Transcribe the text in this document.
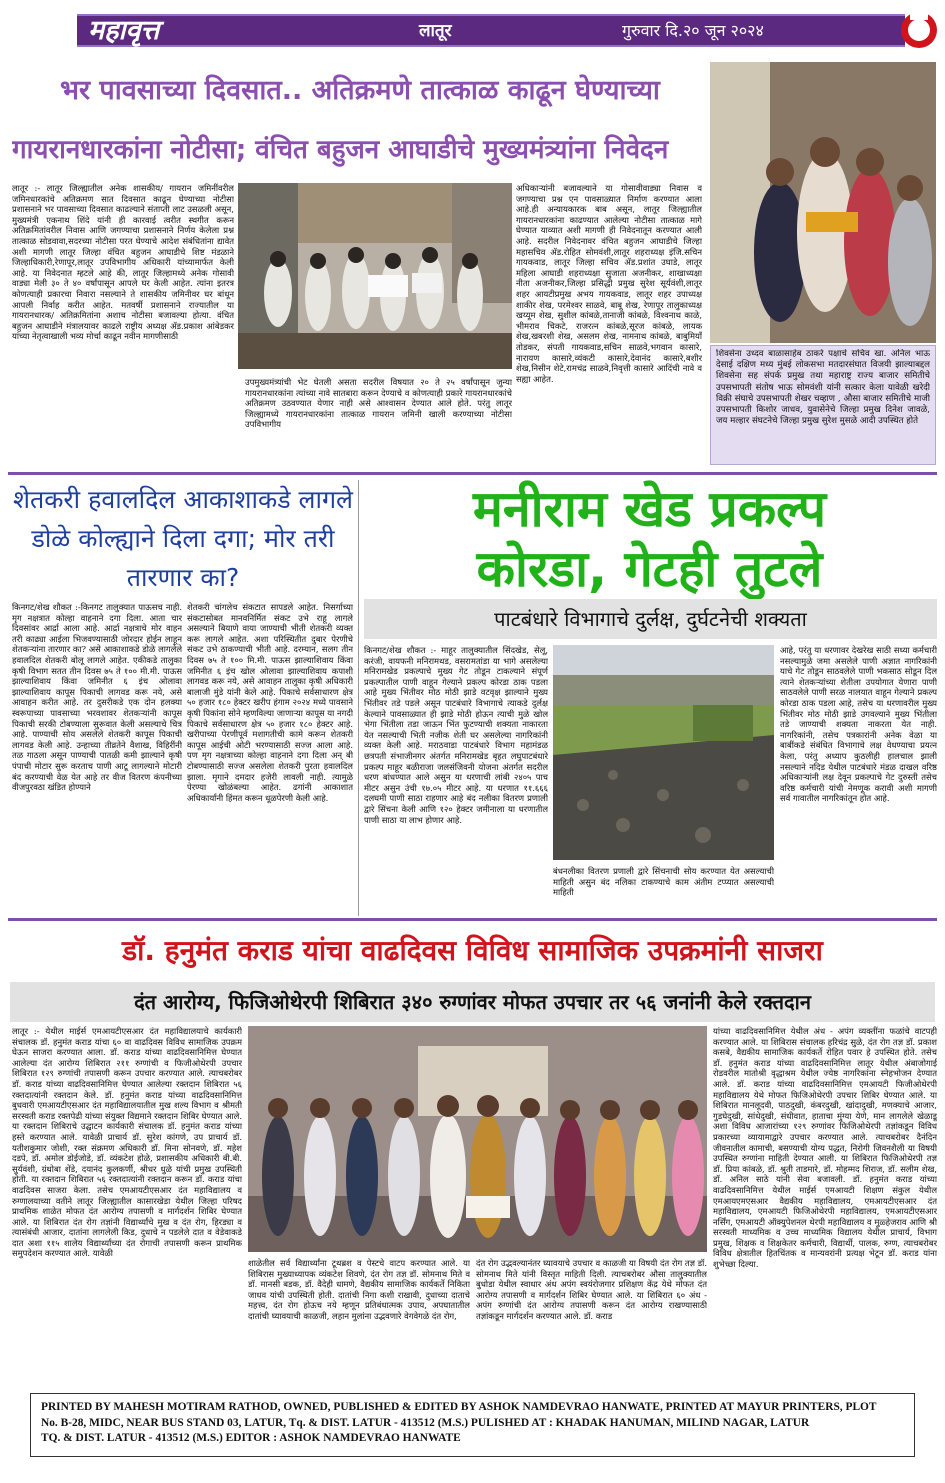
महावृत्त	लातूर	गुरुवार दि.२० जून २०२४
भर पावसाच्या दिवसात.. अतिक्रमणे तात्काळ काढून घेण्याच्या
गायरानधारकांना नोटीसा; वंचित बहुजन आघाडीचे मुख्यमंत्र्यांना निवेदन
लातूर :- लातूर जिल्ह्यातील अनेक शासकीय/ गायरान जमिनींवरील जमिनधारकांचे अतिक्रमण सात दिवसात काढून घेण्याच्या नोटीसा प्रशासनाने भर पावसाच्या दिवसात काढल्याने संताप्ती लाट उसळली असून, मुख्यमंत्री एकनाथ शिंदे यांनी ही कारवाई त्वरीत स्थगीत करून अतिक्रमितांवरील निवास आणि जगण्याचा प्रशासनाने निर्णय केलेला प्रश्न तात्काळ सोडवावा,सदरच्या नोटीसा परत घेण्याचे आदेश संबंधितांना द्यावेत अशी मागणी लातूर जिल्हा वंचित बहुजन आघाडीचे शिष्ट मंडळाने जिल्हाधिकारी,रेणापूर,लातूर उपविभागीय अधिकारी यांच्यामार्फत केली आहे. या निवेदनात म्हटले आहे की, लातूर जिल्हामध्ये अनेक गोसावी वाड्या मेली ३० ते ४० वर्षांपासून आपले घर केली आहेत. त्यांना इतरत्र कोणत्याही प्रकारचा निवारा नसल्याने ते शासकीय जमिनीवर घर बांधून आपली निर्वाह करीत आहेत. मतवर्षी प्रशासनाने राज्यातील या गायरानधारक/ अतिक्रमितांना अशाच नोटीसा बजावल्या होत्या. वंचित बहुजन आघाडीने मंत्रालयावर काढले राष्ट्रीय अध्यक्ष ॲड.प्रकाश आंबेडकर यांच्या नेतृत्वाखाली भव्य मोर्चा काढून नवीन मागणीसाठी
उपमुख्यमंत्र्यांची भेट घेतली असता सदरील विषयात २० ते २५ वर्षांपासून जुन्या गायरानधारकांना त्यांच्या नावे सातबारा करून देण्याचे व कोणत्याही प्रकारे गायरानधारकांचे अतिक्रमण उठवण्यात येणार नाही असे आश्वासन देण्यात आले होते. परंतु लातूर जिल्ह्यामध्ये गायरानधारकांना तात्काळ गायरान जमिनी खाली करण्याच्या नोटीसा उपविभागीय
अधिकाऱ्यांनी बजावल्याने या गोसावीवाड्या निवास व जगण्याचा प्रश्न एन पावसाळ्यात निर्माण करण्यात आला आहे.ही अन्यायकारक बाब असून, लातूर जिल्ह्यातील गायरानधारकांना काढण्यात आलेल्या नोटीसा तात्काळ मागे घेण्यात याव्यात अशी मागणी ही निवेदनातून करण्यात आली आहे. सदरील निवेदनावर वंचित बहुजन आघाडीचे जिल्हा महासचिव ॲड.रोहित सोमवंशी,लातूर शहराध्यक्ष इंजि.सचिन गायकवाड, लातूर जिल्हा सचिव ॲड.प्रशांत उघाडे, लातूर महिला आघाडी शहराध्यक्षा सुजाता अजनीकर, शाखाध्यक्षा नीता अजनीकर,जिल्हा प्रसिद्धी प्रमुख सुरेश सूर्यवंशी,लातूर शहर आयटीप्रमुख अभय गायकवाड, लातूर शहर उपाध्यक्ष शाकीर शेख, परमेश्वर साळवे, बाबू शेख, रेणापूर तालुकाध्यक्ष खय्यूम शेख, सुशील कांबळे,तानाजी कांबळे, विश्वनाथ काळे, भीमराव चिकटे, राजरत्न कांबळे,सूरज कांबळे, लायक शेख,खबरशी शेख, असलम शेख, नामनाथ कांबळे, बाबुमियाँ तोडकर, संपती गायकवाड,सचिन साळवे,भगवान कासारे, नारायण कासारे,व्यंकटी कासारे,देवानंद कासारे,बशीर शेख,निसीन शेटे,रामचंद्र साळवे,निवृत्ती कासारे आदिंची नावे व सह्या आहेत.
शिवसेना उध्दव बाळासाहेब ठाकरे पक्षाचे सचिव खा. अनिल भाऊ देसाई दक्षिण मध्य मुंबई लोकसभा मतदारसंघात विजयी झाल्याबद्दल शिवसेना सह संपर्क प्रमुख तथा महाराष्ट्र राज्य बाजार समितीचे उपसभापती संतोष भाऊ सोमवंशी यांनी सत्कार केला यावेळी खरेदी विक्री संघाचे उपसभापती शेखर चव्हाण , औसा बाजार समितीचे माजी उपसभापती किशोर जाधव, युवासेनेचे जिल्हा प्रमुख दिनेश जावळे, जय मल्हार संघटनेचे जिल्हा प्रमुख सुरेश मुसळे आदी उपस्थित होते
शेतकरी हवालदिल आकाशाकडे लागले डोळे कोल्ह्याने दिला दगा; मोर तरी तारणार का?
किनगट/शेख शौकत :-किनगट तालुक्यात पाऊसच नाही. मृग नक्षत्रात कोल्हा वाहनाने दगा दिला. आता चार दिवसांवर आर्द्रा आला आहे. आर्द्रा नक्षत्राचे मोर वाहन तरी काढ्या आईला भिजवण्यासाठी जोरदार होईन लाहून शेतकऱ्यांना तारणार का? असे आकाशाकडे डोळे लागलेले हवालदिल शेतकरी बोलू लागले आहेत. एकीकडे तालुका कृषी विभाग सतत तीन दिवस ७५ ते १०० मी.मी. पाऊस झाल्याशिवाय किंवा जमिनीत ६ इंच ओलावा झाल्याशिवाय कापूस पिकाची लागवड करू नये, असे आवाहन करीत आहे. तर दुसरीकडे एक दोन हलक्या स्वरूपाच्या पावसाच्या भरवशावर शेतकऱ्यांनी कापूस पिकाची सरकी टोबण्याला सुरूवात केली असल्याचे चित्र आहे. पाण्याची सोय असलेले शेतकरी कापूस पिकाची लागवड केली आहे. उन्हाच्या तीव्रतेने वैशाख, विहिरींनी तळ गाठला असून पाण्याची पातळी कमी झाल्याने कृषी पंपाची मोटार सुरू करताच पाणी आटू लागल्याने मोटारी बंद करण्याची वेळ येत आहे तर वीज वितरण कंपनीच्या वीजपुरवठा खंडित होण्याने
शेतकरी चांगलेच संकटात सापडले आहेत. निसर्गाच्या संकटासोबत मानवनिर्मित संकट उभे राहू लागले असल्याने बियाणे वाया जाण्याची भीती शेतकरी व्यक्त करू लागले आहेत. अशा परिस्थितीत दुबार पेरणीचे संकट उभे ठाकण्याची भीती आहे. दरम्यान, सलग तीन दिवस ७५ ते १०० मि.मी. पाऊस झाल्याशिवाय किंवा जमिनीत ६ इंच खोल ओलावा झाल्याशिवाय कपाशी लागवड करू नये, असे आवाहन तालुका कृषी अधिकारी बालाजी मुंडे यांनी केले आहे. पिकाचे सर्वसाधारण क्षेत्र ५० हजार १८० हेक्टर खरीप हंगाम २०२४ मध्ये पावसाने कृषी पिकांना सोने म्हणविल्या जाणाऱ्या कापूस या नगदी पिकाचे सर्वसाधारण क्षेत्र ५० हजार १८० हेक्टर आहे. खरीपाच्या पेरणीपूर्व मशागतीची कामे करून शेतकरी कापूस आईची ओटी भरण्यासाठी सज्ज आला आहे. पण मृग नक्षत्राच्या कोल्हा वाहनाने दगा दिला अन् बी टोबण्यासाठी सज्ज असलेला शेतकरी पुरता हवालदिल झाला. मृगाने दमदार हजेरी लावली नाही. त्यामुळे पेरण्या खोळंबल्या आहेत. ढगांनी आकाशात अधिकार्यांनी हिंमत करून धूळपेरणी केली आहे.
मनीराम खेड प्रकल्प
कोरडा, गेटही तुटले
पाटबंधारे विभागाचे दुर्लक्ष, दुर्घटनेची शक्यता
किनगट/शेख शौकत :- माहूर तालुक्यातील सिंदखेड, सेलू, करंजी, वायफनी मनिरामथड, वसरामतांडा या भागे असलेल्या मनिरामखेड प्रकल्पाचे मुख्य गेट तोडून टाकल्याने संपूर्ण प्रकल्पातील पाणी वाहून गेल्याने प्रकल्प कोरडा ठाक पडला आहे मुख्य भिंतीवर मोठ मोठी झाडे वटवृक्ष झाल्याने मुख्य भिंतीवर तडे पडले असून पाटबंधारे विभागाचे त्याकडे दुर्लक्ष केल्याने पावसाळ्यात ही झाडे मोठी होऊन त्याची मुळे खोल भेगा भिंतीला तडा जाऊन भिंत फुटण्याची शक्यता नाकारता येत नसल्याची भिती नजीक शेती घर असलेल्या नागरिकांनी व्यक्त केली आहे. मराठवाडा पाटबंधारे विभाग महामंडळ छत्रपती संभाजीनगर अंतर्गत मनिरामखेड बृहत लघुपाटबंधारे प्रकल्प माहूर बळीराजा जलसंजिवनी योजना अंतर्गत सदरील धरण बांधण्यात आले असुन या धरणाची लांबी २४०५ पाच मीटर असुन उंची १७.०५ मीटर आहे. या धरणात ११.६६६ दलघमी पाणी साठा राहणार आहे बंद नलीका वितरण प्रणाली द्वारे सिंचना केली आणि १२० हेक्टर जमीनाला या धरणातील पाणी साठा या लाभ होणार आहे.
बंधनलीका वितरण प्रणाली द्वारे सिंचनाची सोय करण्यात येत असल्याची माहिती असुन बंद नलिका टाकण्याचे काम अंतीम टप्प्यात असल्याची माहिती
आहे, परंतु या धरणावर देखरेख साठी सध्या कर्मचारी नसल्यामुळे जमा असलेले पाणी अज्ञात नागरिकांनी याचे गेट तोडून साठवलेले पाणी भकसाठ सोडून दिल त्याने शेतकऱ्यांच्या शेतीला उपयोगात येणारा पाणी साठवलेले पाणी सरळ नालयात वाहून गेल्याने प्रकल्प कोरडा ठाक पडला आहे, तसेच या धरणावरील मुख्य भिंतीवर मोठ मोठी झाडे उगवल्याने मुख्य भिंतीला तडे जाण्याची शक्यता नाकरता येत नाही. नागरिकांनी, तसेच पत्रकारांनी अनेक वेळा या बाबींकडे संबंधित विभागाचे लक्ष वेधण्याचा प्रयत्न केला, परंतु अध्याप कुठलीही हालचाल झाली नसल्याने नदिड येथील पाटबंधारे मंडळ दाखल वरिष्ठ अधिकाऱ्यांनी लक्ष देवून प्रकल्पाचे गेट दुरुस्ती तसेच वरिष्ठ कर्मचारी यांची नेमणूक करावी अशी मागणी सर्व गावातील नागरिकांतून होत आहे.
डॉ. हनुमंत कराड यांचा वाढदिवस विविध सामाजिक उपक्रमांनी साजरा
दंत आरोग्य, फिजिओथेरपी शिबिरात ३४० रुग्णांवर मोफत उपचार तर ५६ जनांनी केले रक्तदान
लातूर :- येथील माईर्स एमआयटीएसआर दंत महाविद्यालयाचे कार्यकारी संचालक डॉ. हनुमंत कराड यांचा ६० वा वाढदिवस विविध सामाजिक उपक्रम घेऊन साजरा करण्यात आला. डॉ. कराड यांच्या वाढदिवसानिमित्त घेण्यात आलेल्या दंत आरोग्य शिबिरात २११ रुग्णांची व फिजीओथेरपी उपचार शिबिरात १२९ रुग्णांची तपासणी करून उपचार करण्यात आले. त्याचबरोबर डॉ. कराड यांच्या वाढदिवसानिमित्त घेण्यात आलेल्या रक्तदान शिबिरात ५६ रक्तदात्यांनी रक्तदान केले. डॉ. हनुमंत कराड यांच्या वाढदिवसानिमित्त बुधवारी एमआयटीएसआर दंत महाविद्यालयातील मुख शल्य विभाग व श्रीमती सरस्वती कराड रक्तपेढी यांच्या संयुक्त विद्यमाने रक्तदान शिबिर घेण्यात आले. या रक्तदान शिबिराचे उद्घाटन कार्यकारी संचालक डॉ. हनुमंत कराड यांच्या हस्ते करण्यात आले. यावेळी प्राचार्य डॉ. सुरेश कांगणे, उप प्राचार्य डॉ. यतीशकुमार जोशी, रक्त संक्रमण अधिकारी डॉ. मिना सोनवणे, डॉ. महेश दडपे, डॉ. अमोल डोईजोडे, डॉ. व्यंकटेश होळे, प्रशासकीय अधिकारी बी.बी. सुर्यवंशी, ग्रंथोबा शेंडे, दयानंद कुलकर्णी, श्रीधर धुळे यांची प्रमुख उपस्थिती होती. या रक्तदान शिबिरात ५६ रक्तदात्यांनी रक्तदान करून डॉ. कराड यांचा वाढदिवस साजरा केला. तसेच एमआयटीएसआर दंत महाविद्यालय व रुग्णालयाच्या वतीने लातूर जिल्ह्यातील कासारखेडा येथील जिल्हा परिषद प्राथमिक शाळेत मोफत दंत आरोग्य तपासणी व मार्गदर्शन शिबिर घेण्यात आले. या शिबिरात दंत रोग तज्ञांनी विद्यार्थ्यांचे मुख व दंत रोग, हिरड्या व त्यासंबंधी आजार, दातांना लागलेली किड, दुधाचे न पडलेले दात व वेडेवाकडे दात अशा ११५ शालेय विद्यार्थ्यांच्या दंत रोगाची तपासणी करून प्राथमिक समुपदेशन करण्यात आले. यावेळी
शाळेतील सर्व विद्यार्थ्यांना टूथब्रश व पेस्टचे वाटप करण्यात आले. या शिबिरास मुख्याध्यापक व्यंकटेश शिवणे, दंत रोग तज्ञ डॉ. सोमनाथ मिते व डॉ. मानसी बडक, डॉ. वैदेही धामणे, वैद्यकीय सामाजिक कार्यकर्ते निकिता जाधव यांची उपस्थिती होती. दातांची निगा कशी राखावी, दुधाच्या दाताचे महत्त्व, दंत रोग होऊच नये म्हणून प्रतिबंधात्मक उपाय, अपघातातील दातांची घ्यावयाची काळजी, लहान मुलांना उद्भवणारे वेगवेगळे दंत रोग,
दंत रोग उद्भवल्यानंतर घ्यावयाचे उपचार व काळजी या विषयी दंत रोग तज्ञ डॉ. सोमनाथ मिते यांनी विस्तृत माहिती दिली. त्याचबरोबर औसा तालुक्यातील बुधोडा येथील स्वाधार अंध अपंग स्वयंरोजगार प्रशिक्षण केंद्र येथे मोफत दंत आरोग्य तपासणी व मार्गदर्शन शिबिर घेण्यात आले. या शिबिरात ६० अंध - अपंग रुग्णांची दंत आरोग्य तपासणी करून दंत आरोग्य राखण्यासाठी तज्ञांकडून मार्गदर्शन करण्यात आले. डॉ. कराड
यांच्या वाढदिवसानिमित्त येथील अंध - अपंग व्यक्तींना फळांचे वाटपही करण्यात आले. या शिबिरास संचालक हरिचंद्र सुळे, दंत रोग तज्ञ डॉ. प्रकाश कसबे, वैद्यकीय सामाजिक कार्यकर्ते रोहित पवार हे उपस्थित होते. तसेच डॉ. हनुमंत कराड यांच्या वाढदिवसानिमित्त लातूर येथील अंबाजोगाई रोडवरील मातोश्री वृद्धाश्रम येथील ज्येष्ठ नागरिकांना स्नेहभोजन देण्यात आले. डॉ. कराड यांच्या वाढदिवसानिमित्त एमआयटी फिजीओथेरपी महाविद्यालय येथे मोफत फिजिओथेरपी उपचार शिबिर घेण्यात आले. या शिबिरात मानलूदवी, पाठदुखी, कंबरदुखी, खांदादुखी, मणक्याचे आजार, गुडघेदुखी, सांधेदुखी, संधीवात, हाताचा मुंग्या येणे, मान लागलेले खेळाडू अशा विविध आजारांच्या १२९ रुग्णांवर फिजिओथेरपी तज्ञांकडून विविध प्रकारच्या व्यायामाद्वारे उपचार करण्यात आले. त्याचबरोबर दैनंदिन जीवनातील कामाची, बसण्याची योग्य पद्धत, निरोगी जिवनशैली या विषयी उपस्थित रुग्णांना माहिती देण्यात आली. या शिबिरात फिजिओथेरपी तज्ञ डॉ. प्रिया कांबळे, डॉ. श्रुती ताडमारे, डॉ. मोहम्मद शिराज, डॉ. सलीम शेख, डॉ. अनिल साठे यांनी सेवा बजावली. डॉ. हनुमंत कराड यांच्या वाढदिवसानिमित्त येथील माईर्स एमआयटी शिक्षण संकुल येथील एमआयएमएसआर वैद्यकीय महाविद्यालय, एमआयटीएसआर दंत महाविद्यालय, एमआयटी फिजिओथेरपी महाविद्यालय, एमआयटीएसआर नर्सिंग, एमआयटी ऑक्युपेशनल थेरपी महाविद्यालय व मुळ्हेजराव आणि श्री सरस्वती माध्यमिक व उच्च माध्यमिक विद्यालय येथील प्राचार्य, विभाग प्रमुख, शिक्षक व शिक्षकेतर कर्मचारी, विद्यार्थी, पालक, रुग्ण, त्याचबरोबर विविध क्षेत्रातील हितचिंतक व मान्यवरांनी प्रत्यक्ष भेटून डॉ. कराड यांना शुभेच्छा दिल्या.
PRINTED BY MAHESH MOTIRAM RATHOD, OWNED, PUBLISHED & EDITED BY ASHOK NAMDEVRAO HANWATE, PRINTED AT MAYUR PRINTERS, PLOT
No. B-28, MIDC, NEAR BUS STAND 03, LATUR, Tq. & DIST. LATUR - 413512 (M.S.) PULISHED AT : KHADAK HANUMAN, MILIND NAGAR, LATUR
TQ. & DIST. LATUR - 413512 (M.S.) EDITOR : ASHOK NAMDEVRAO HANWATE
